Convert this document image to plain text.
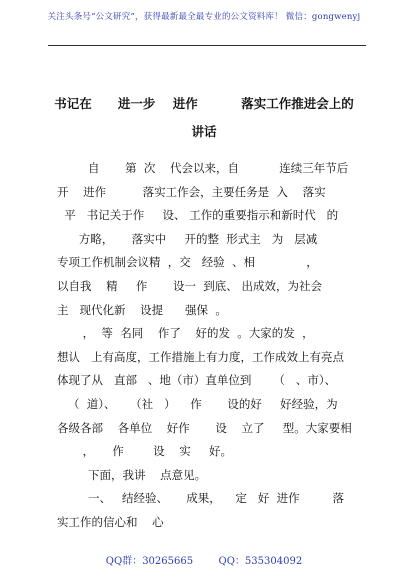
关注头条号“公文研究”，获得最新最全最专业的公文资料库！ 微信：gongwenyj
书记在      进一步    进作          落实工作推进会上的
讲话
自       第  次    代会以来，自           连续三年节后
开    进作          落实工作会，主要任务是  入    落实
平   书记关于作     设、 工作的重要指示和新时代   的
方略，     落实中     开的整  形式主   为   层减
专项工作机制会议精  ，交   经验  、相              ，
以自我    精     作       设一  到底、 出成效，为社会
主   现代化新    设提      强保  。
，  等  名同    作了    好的发  。大家的发  ，
想认   上有高度，工作措施上有力度，工作成效上有亮点
体现了从   直部   、地（市）直单位到      （   、市）、
（  道）、    （社   ）    作       设的好     好经验，为
各级各部    各单位    好作       设    立了     型。大家要相
，     作        设    实     好。
下面，我讲    点意见。
一、   结经验、     成果，    定   好  进作         落
实工作的信心和    心
QQ群：30265665        QQ：535304092
